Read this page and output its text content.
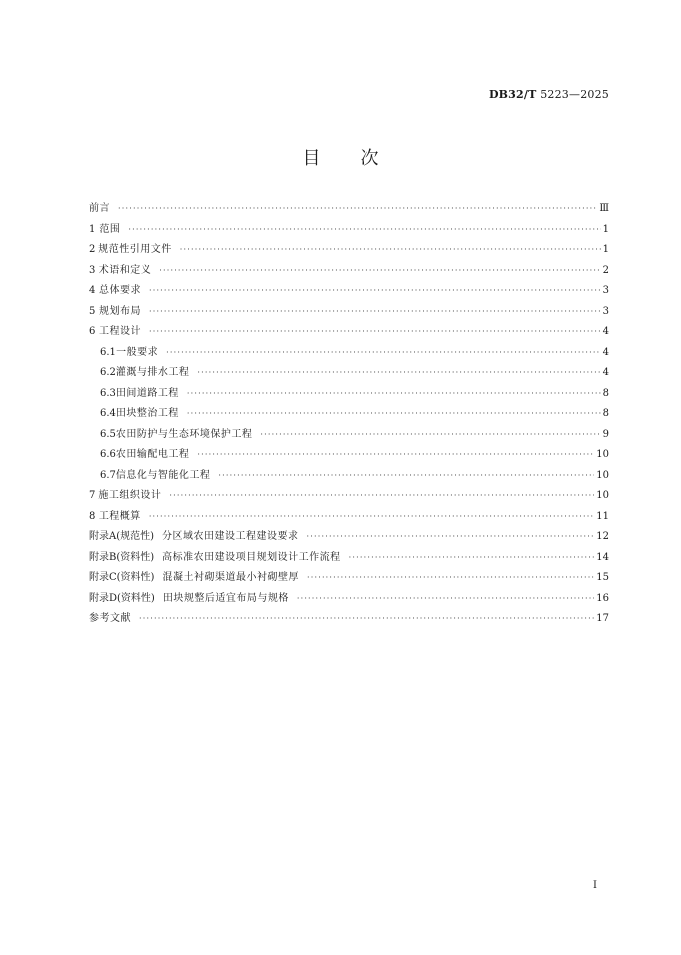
DB32/T 5223—2025
目 次
前言 ·····	Ⅲ
1 范围 ·····	1
2 规范性引用文件 ·····	1
3 术语和定义 ·····	2
4 总体要求 ·····	3
5 规划布局 ·····	3
6 工程设计 ·····	4
6.1 一般要求 ·····	4
6.2 灌溉与排水工程 ·····	4
6.3 田间道路工程 ·····	8
6.4 田块整治工程 ·····	8
6.5 农田防护与生态环境保护工程 ·····	9
6.6 农田输配电工程 ·····	10
6.7 信息化与智能化工程 ·····	10
7 施工组织设计 ·····	10
8 工程概算 ·····	11
附录A(规范性) 分区域农田建设工程建设要求 ·····	12
附录B(资料性) 高标准农田建设项目规划设计工作流程 ·····	14
附录C(资料性) 混凝土衬砌渠道最小衬砌壁厚 ·····	15
附录D(资料性) 田块规整后适宜布局与规格 ·····	16
参考文献 ·····	17
I
